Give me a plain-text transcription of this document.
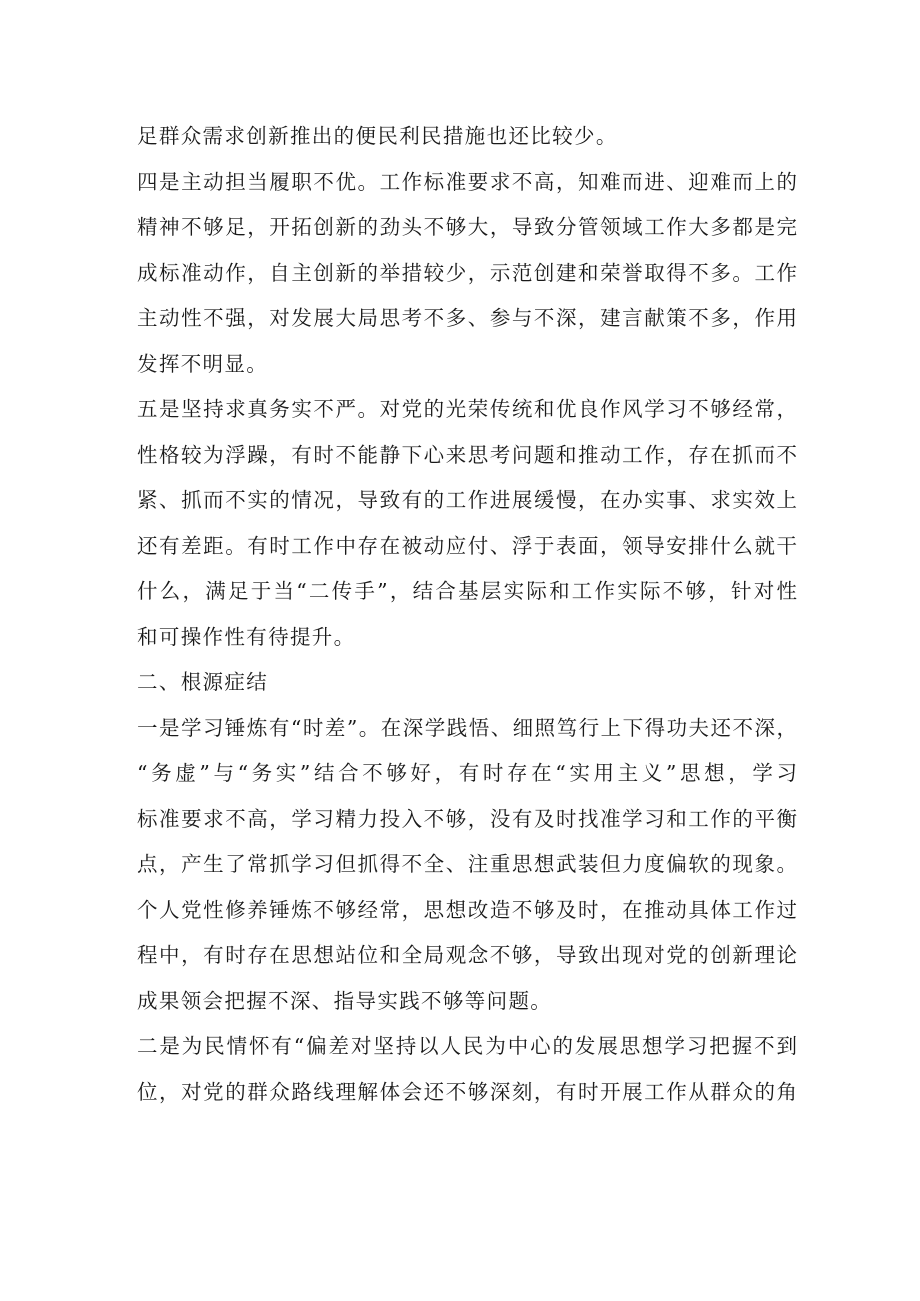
足群众需求创新推出的便民利民措施也还比较少。
四是主动担当履职不优。工作标准要求不高，知难而进、迎难而上的
精神不够足，开拓创新的劲头不够大，导致分管领域工作大多都是完
成标准动作，自主创新的举措较少，示范创建和荣誉取得不多。工作
主动性不强，对发展大局思考不多、参与不深，建言献策不多，作用
发挥不明显。
五是坚持求真务实不严。对党的光荣传统和优良作风学习不够经常，
性格较为浮躁，有时不能静下心来思考问题和推动工作，存在抓而不
紧、抓而不实的情况，导致有的工作进展缓慢，在办实事、求实效上
还有差距。有时工作中存在被动应付、浮于表面，领导安排什么就干
什么，满足于当“二传手”，结合基层实际和工作实际不够，针对性
和可操作性有待提升。
二、根源症结
一是学习锤炼有“时差”。在深学践悟、细照笃行上下得功夫还不深，
“务虚”与“务实”结合不够好，有时存在“实用主义”思想，学习
标准要求不高，学习精力投入不够，没有及时找准学习和工作的平衡
点，产生了常抓学习但抓得不全、注重思想武装但力度偏软的现象。
个人党性修养锤炼不够经常，思想改造不够及时，在推动具体工作过
程中，有时存在思想站位和全局观念不够，导致出现对党的创新理论
成果领会把握不深、指导实践不够等问题。
二是为民情怀有“偏差对坚持以人民为中心的发展思想学习把握不到
位，对党的群众路线理解体会还不够深刻，有时开展工作从群众的角
